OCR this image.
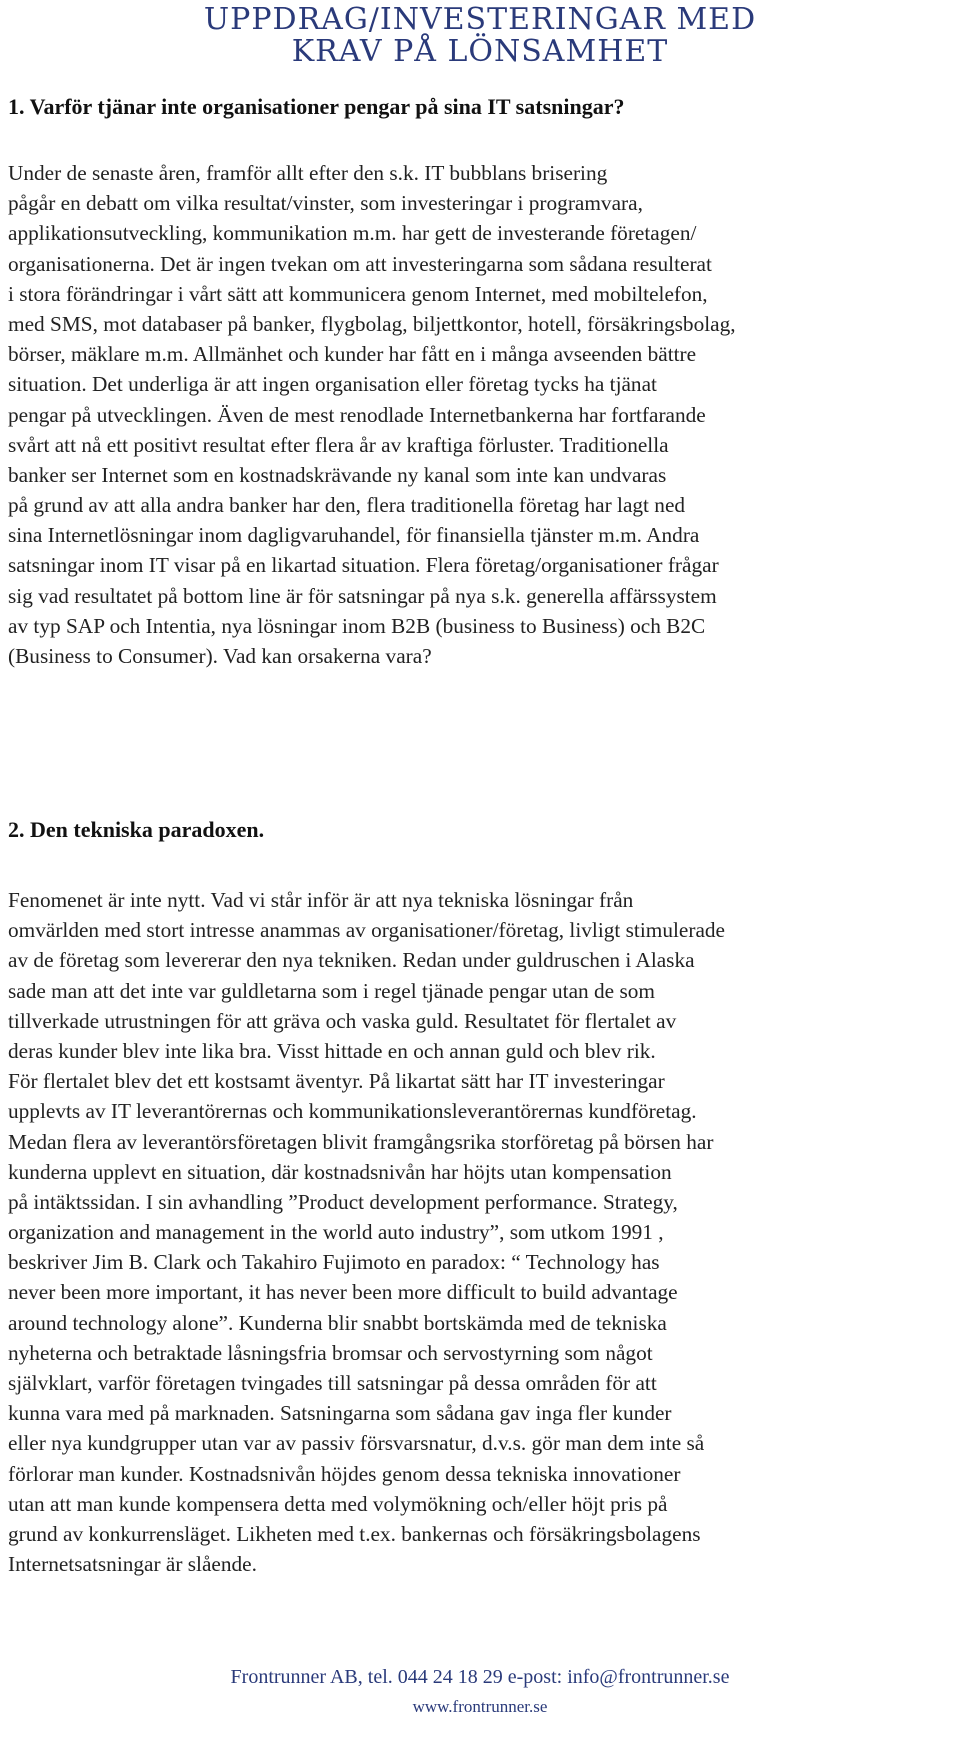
UPPDRAG/INVESTERINGAR MED
KRAV PÅ LÖNSAMHET
1. Varför tjänar inte organisationer pengar på sina IT satsningar?
Under de senaste åren, framför allt efter den s.k. IT bubblans brisering
pågår en debatt om vilka resultat/vinster, som investeringar i programvara,
applikationsutveckling, kommunikation m.m. har gett de investerande företagen/
organisationerna. Det är ingen tvekan om att investeringarna som sådana resulterat
i stora förändringar i vårt sätt att kommunicera genom Internet, med mobiltelefon,
med SMS, mot databaser på banker, flygbolag, biljettkontor, hotell, försäkringsbolag,
börser, mäklare m.m. Allmänhet och kunder har fått en i många avseenden bättre
situation. Det underliga är att ingen organisation eller företag tycks ha tjänat
pengar på utvecklingen. Även de mest renodlade Internetbankerna har fortfarande
svårt att nå ett positivt resultat efter flera år av kraftiga förluster. Traditionella
banker ser Internet som en kostnadskrävande ny kanal som inte kan undvaras
på grund av att alla andra banker har den, flera traditionella företag har lagt ned
sina Internetlösningar inom dagligvaruhandel, för finansiella tjänster m.m. Andra
satsningar inom IT visar på en likartad situation. Flera företag/organisationer frågar
sig vad resultatet på bottom line är för satsningar på nya s.k. generella affärssystem
av typ SAP och Intentia, nya lösningar inom B2B (business to Business) och B2C
(Business to Consumer). Vad kan orsakerna vara?
2. Den tekniska paradoxen.
Fenomenet är inte nytt. Vad vi står inför är att nya tekniska lösningar från
omvärlden med stort intresse anammas av organisationer/företag, livligt stimulerade
av de företag som levererar den nya tekniken. Redan under guldruschen i Alaska
sade man att det inte var guldletarna som i regel tjänade pengar utan de som
tillverkade utrustningen för att gräva och vaska guld. Resultatet för flertalet av
deras kunder blev inte lika bra. Visst hittade en och annan guld och blev rik.
För flertalet blev det ett kostsamt äventyr. På likartat sätt har IT investeringar
upplevts av IT leverantörernas och kommunikationsleverantörernas kundföretag.
Medan flera av leverantörsföretagen blivit framgångsrika storföretag på börsen har
kunderna upplevt en situation, där kostnadsnivån har höjts utan kompensation
på intäktssidan. I sin avhandling ”Product development performance. Strategy,
organization and management in the world auto industry”, som utkom 1991 ,
beskriver Jim B. Clark och Takahiro Fujimoto en paradox: “ Technology has
never been more important, it has never been more difficult to build advantage
around technology alone”. Kunderna blir snabbt bortskämda med de tekniska
nyheterna och betraktade låsningsfria bromsar och servostyrning som något
självklart, varför företagen tvingades till satsningar på dessa områden för att
kunna vara med på marknaden. Satsningarna som sådana gav inga fler kunder
eller nya kundgrupper utan var av passiv försvarsnatur, d.v.s. gör man dem inte så
förlorar man kunder. Kostnadsnivån höjdes genom dessa tekniska innovationer
utan att man kunde kompensera detta med volymökning och/eller höjt pris på
grund av konkurrensläget. Likheten med t.ex. bankernas och försäkringsbolagens
Internetsatsningar är slående.
Frontrunner AB, tel. 044 24 18 29 e-post: info@frontrunner.se
www.frontrunner.se
